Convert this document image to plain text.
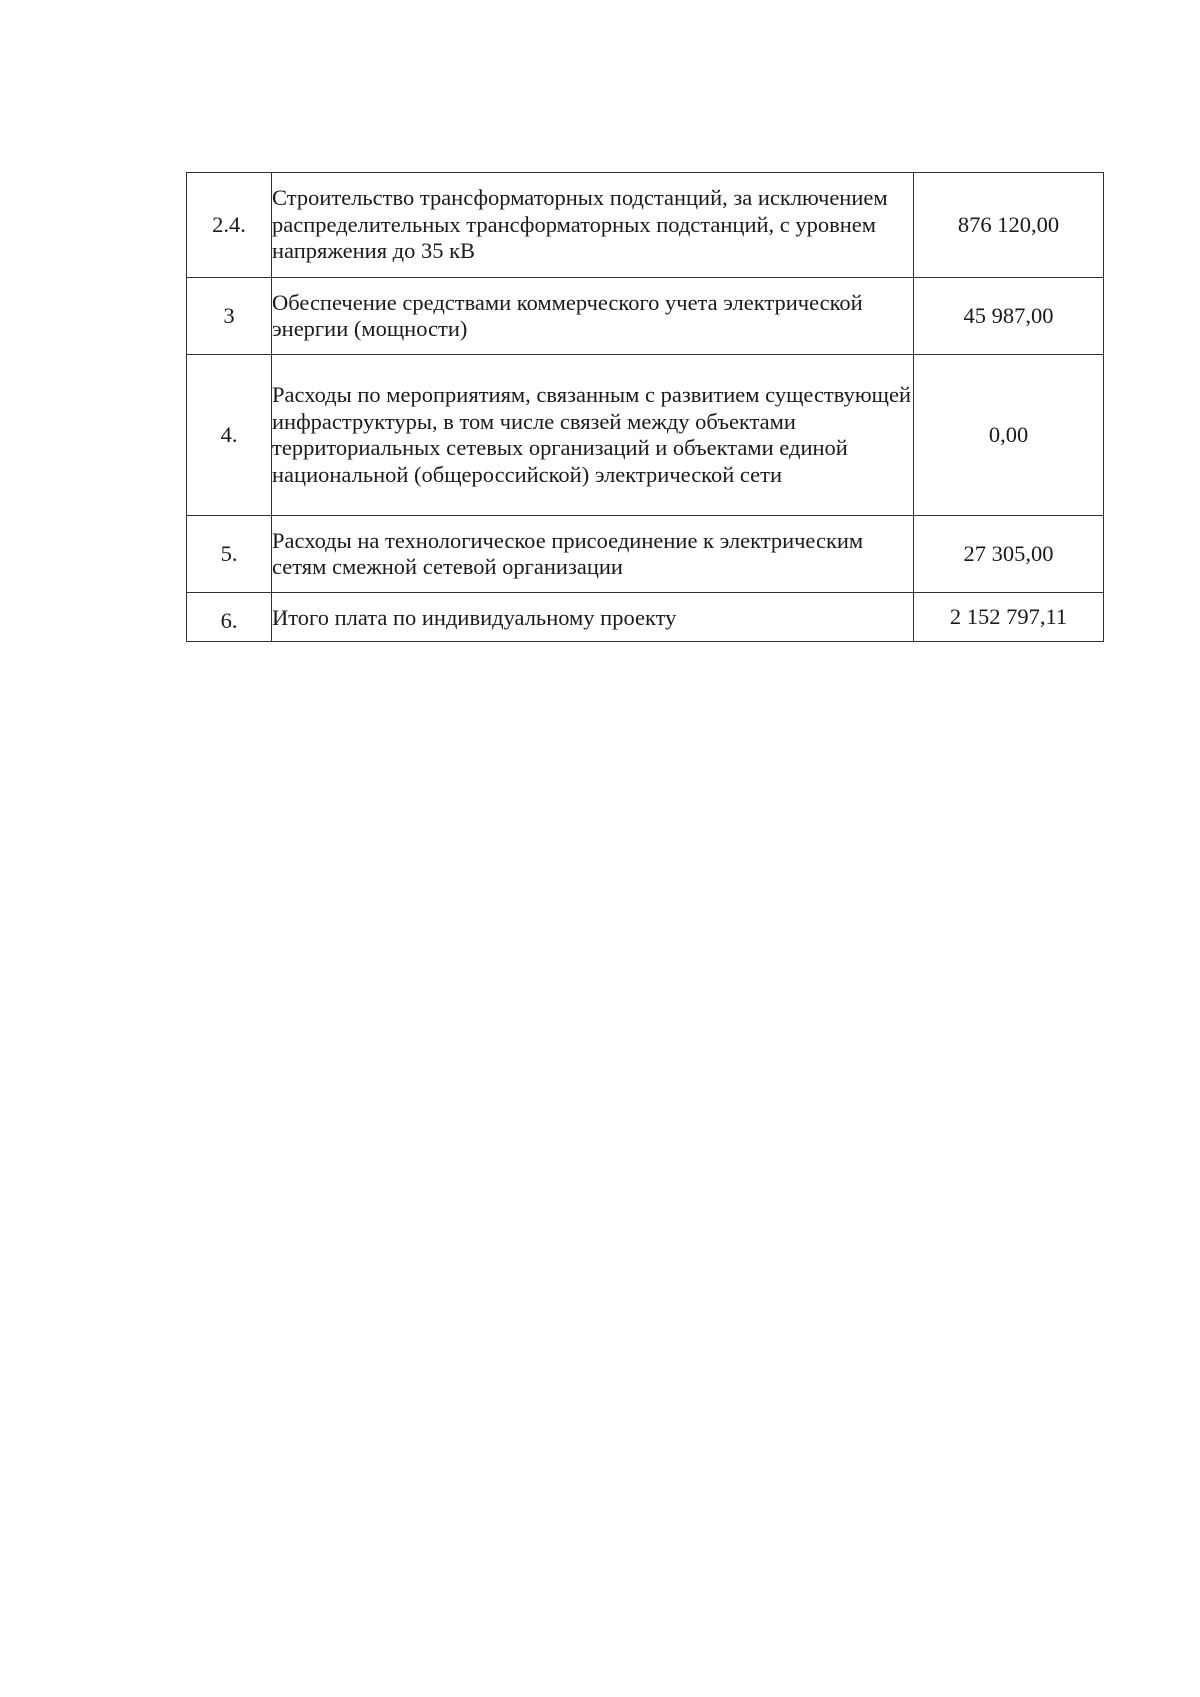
2.4.	Строительство трансформаторных подстанций, за исключением распределительных трансформаторных подстанций, с уровнем напряжения до 35 кВ	876 120,00
3	Обеспечение средствами коммерческого учета электрической энергии (мощности)	45 987,00
4.	Расходы по мероприятиям, связанным с развитием существующей инфраструктуры, в том числе связей между объектами территориальных сетевых организаций и объектами единой национальной (общероссийской) электрической сети	0,00
5.	Расходы на технологическое присоединение к электрическим сетям смежной сетевой организации	27 305,00
6.	Итого плата по индивидуальному проекту	2 152 797,11
